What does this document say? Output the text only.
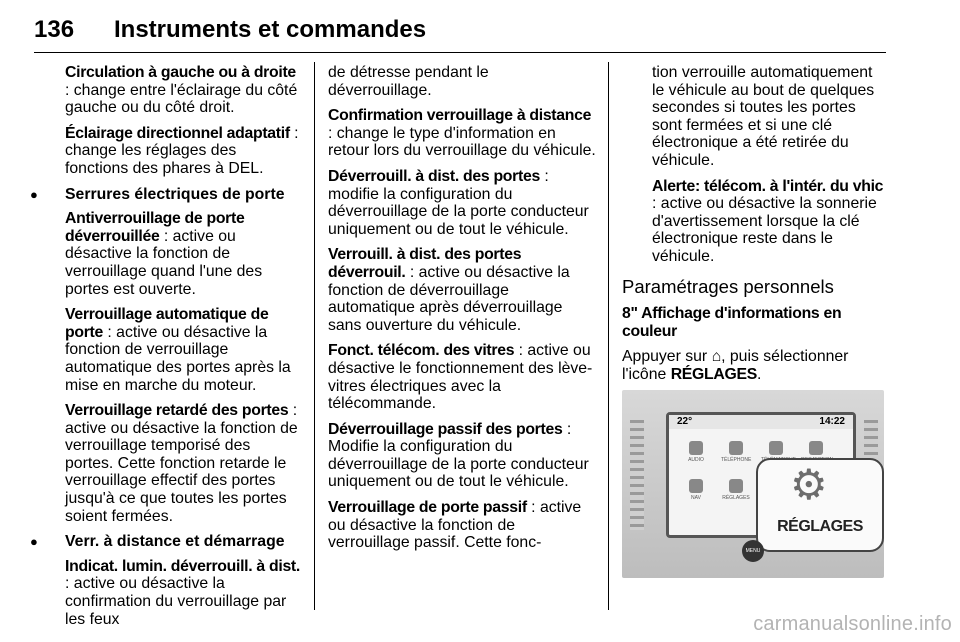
136 Instruments et commandes

Circulation à gauche ou à droite : change entre l'éclairage du côté gauche ou du côté droit.

Éclairage directionnel adaptatif : change les réglages des fonctions des phares à DEL.

● Serrures électriques de porte

Antiverrouillage de porte déverrouillée : active ou désactive la fonction de verrouillage quand l'une des portes est ouverte.

Verrouillage automatique de porte : active ou désactive la fonction de verrouillage automatique des portes après la mise en marche du moteur.

Verrouillage retardé des portes : active ou désactive la fonction de verrouillage temporisé des portes. Cette fonction retarde le verrouillage effectif des portes jusqu'à ce que toutes les portes soient fermées.

● Verr. à distance et démarrage

Indicat. lumin. déverrouill. à dist. : active ou désactive la confirmation du verrouillage par les feux

de détresse pendant le déverrouillage.

Confirmation verrouillage à distance : change le type d'information en retour lors du verrouillage du véhicule.

Déverrouill. à dist. des portes : modifie la configuration du déverrouillage de la porte conducteur uniquement ou de tout le véhicule.

Verrouill. à dist. des portes déverrouil. : active ou désactive la fonction de déverrouillage automatique après déverrouillage sans ouverture du véhicule.

Fonct. télécom. des vitres : active ou désactive le fonctionnement des lève-vitres électriques avec la télécommande.

Déverrouillage passif des portes : Modifie la configuration du déverrouillage de la porte conducteur uniquement ou de tout le véhicule.

Verrouillage de porte passif : active ou désactive la fonction de verrouillage passif. Cette fonc-

tion verrouille automatiquement le véhicule au bout de quelques secondes si toutes les portes sont fermées et si une clé électronique a été retirée du véhicule.

Alerte: télécom. à l'intér. du vhic : active ou désactive la sonnerie d'avertissement lorsque la clé électronique reste dans le véhicule.

Paramétrages personnels

8" Affichage d'informations en couleur

Appuyer sur ⌂, puis sélectionner l'icône RÉGLAGES.

22°	14:22
AUDIO	TÉLÉPHONE
NAV	RÉGLAGES ⚙
RÉGLAGES
MENU
carmanualsonline.info
